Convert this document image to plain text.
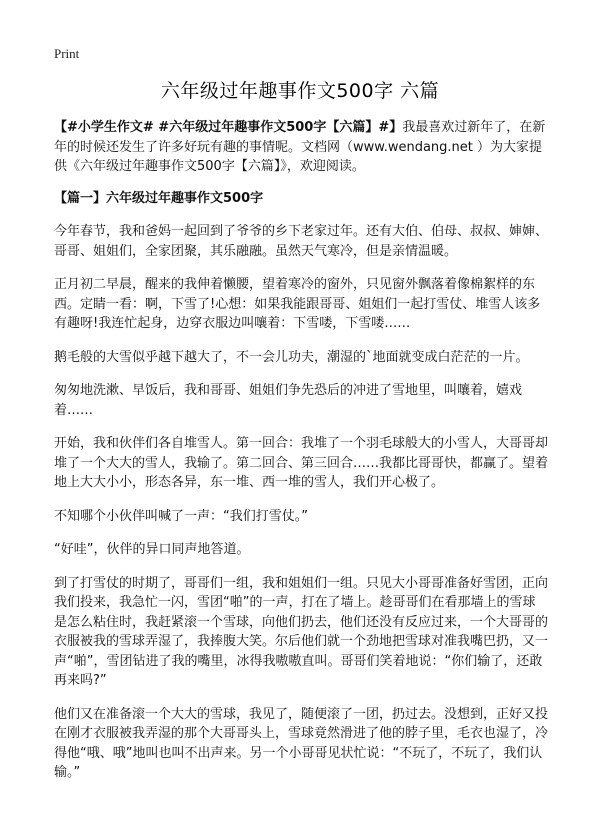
Print
六年级过年趣事作文500字 六篇

【#小学生作文# #六年级过年趣事作文500字【六篇】#】我最喜欢过新年了，在新年的时候还发生了许多好玩有趣的事情呢。文档网（www.wendang.net ）为大家提供《六年级过年趣事作文500字【六篇】》，欢迎阅读。

【篇一】六年级过年趣事作文500字

今年春节，我和爸妈一起回到了爷爷的乡下老家过年。还有大伯、伯母、叔叔、婶婶、哥哥、姐姐们，全家团聚，其乐融融。虽然天气寒冷，但是亲情温暖。

正月初二早晨，醒来的我伸着懒腰，望着寒冷的窗外，只见窗外飘落着像棉絮样的东西。定睛一看：啊，下雪了!心想：如果我能跟哥哥、姐姐们一起打雪仗、堆雪人该多有趣呀!我连忙起身，边穿衣服边叫嚷着：下雪喽，下雪喽……

鹅毛般的大雪似乎越下越大了，不一会儿功夫，潮湿的`地面就变成白茫茫的一片。

匆匆地洗漱、早饭后，我和哥哥、姐姐们争先恐后的冲进了雪地里，叫嚷着，嬉戏着……

开始，我和伙伴们各自堆雪人。第一回合：我堆了一个羽毛球般大的小雪人，大哥哥却堆了一个大大的雪人，我输了。第二回合、第三回合……我都比哥哥快，都赢了。望着地上大大小小，形态各异，东一堆、西一堆的雪人，我们开心极了。

不知哪个小伙伴叫喊了一声：“我们打雪仗。”

“好哇”，伙伴的异口同声地答道。

到了打雪仗的时期了，哥哥们一组，我和姐姐们一组。只见大小哥哥准备好雪团，正向我们投来，我急忙一闪，雪团“啪”的一声，打在了墙上。趁哥哥们在看那墙上的雪球是怎么粘住时，我赶紧滚一个雪球，向他们扔去，他们还没有反应过来，一个大哥哥的衣服被我的雪球弄湿了，我捧腹大笑。尔后他们就一个劲地把雪球对准我嘴巴扔，又一声“啪”，雪团钻进了我的嘴里，冰得我嗷嗷直叫。哥哥们笑着地说：“你们输了，还敢再来吗?”

他们又在准备滚一个大大的雪球，我见了，随便滚了一团，扔过去。没想到，正好又投在刚才衣服被我弄湿的那个大哥哥头上，雪球竟然滑进了他的脖子里，毛衣也湿了，冷得他“哦、哦”地叫也叫不出声来。另一个小哥哥见状忙说：“不玩了，不玩了，我们认输。”
